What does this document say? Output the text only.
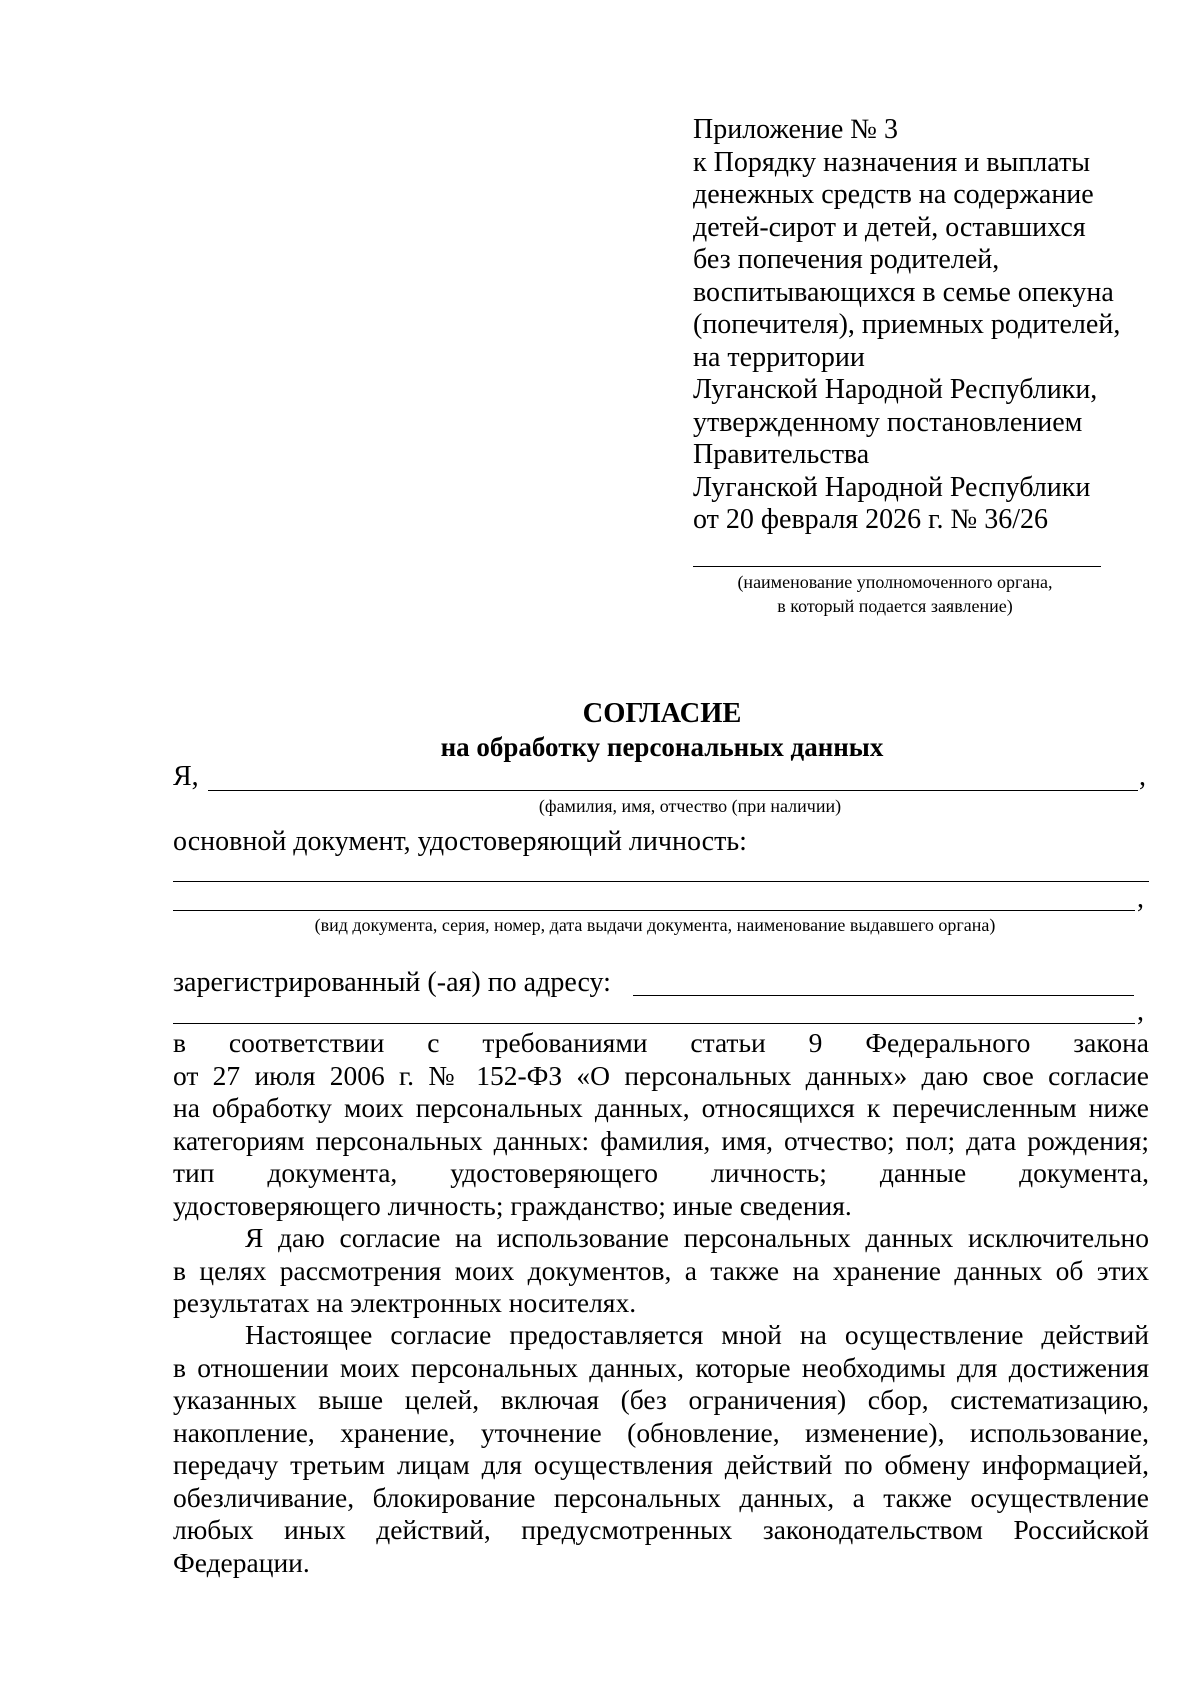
Приложение № 3
к Порядку назначения и выплаты
денежных средств на содержание
детей-сирот и детей, оставшихся
без попечения родителей,
воспитывающихся в семье опекуна
(попечителя), приемных родителей,
на территории
Луганской Народной Республики,
утвержденному постановлением
Правительства
Луганской Народной Республики
от 20 февраля 2026 г. № 36/26
(наименование уполномоченного органа,
в который подается заявление)
СОГЛАСИЕ
на обработку персональных данных
Я,	,
(фамилия, имя, отчество (при наличии)
основной документ, удостоверяющий личность:
,
(вид документа, серия, номер, дата выдачи документа, наименование выдавшего органа)
зарегистрированный (-ая) по адресу:
,
в соответствии с требованиями статьи 9 Федерального закона
от 27 июля 2006 г. № 152-ФЗ «О персональных данных» даю свое согласие
на обработку моих персональных данных, относящихся к перечисленным ниже
категориям персональных данных: фамилия, имя, отчество; пол; дата рождения;
тип документа, удостоверяющего личность; данные документа,
удостоверяющего личность; гражданство; иные сведения.
Я даю согласие на использование персональных данных исключительно
в целях рассмотрения моих документов, а также на хранение данных об этих
результатах на электронных носителях.
Настоящее согласие предоставляется мной на осуществление действий
в отношении моих персональных данных, которые необходимы для достижения
указанных выше целей, включая (без ограничения) сбор, систематизацию,
накопление, хранение, уточнение (обновление, изменение), использование,
передачу третьим лицам для осуществления действий по обмену информацией,
обезличивание, блокирование персональных данных, а также осуществление
любых иных действий, предусмотренных законодательством Российской
Федерации.
